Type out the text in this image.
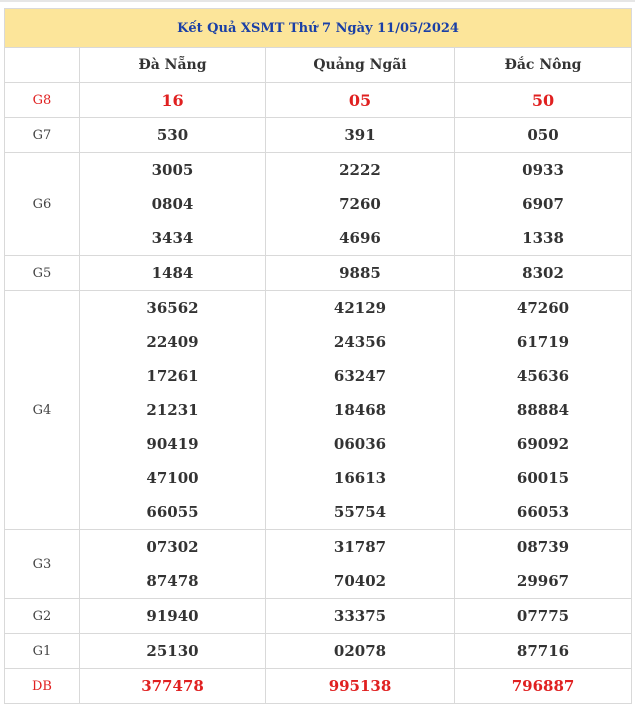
Kết Quả XSMT Thứ 7 Ngày 11/05/2024			
	Đà Nẵng	Quảng Ngãi	Đắc Nông
G8	16	05	50
G7	530	391	050
G6	3005	2222	0933
	0804	7260	6907
	3434	4696	1338
G5	1484	9885	8302
G4	36562	42129	47260
	22409	24356	61719
	17261	63247	45636
	21231	18468	88884
	90419	06036	69092
	47100	16613	60015
	66055	55754	66053
G3	07302	31787	08739
	87478	70402	29967
G2	91940	33375	07775
G1	25130	02078	87716
DB	377478	995138	796887
